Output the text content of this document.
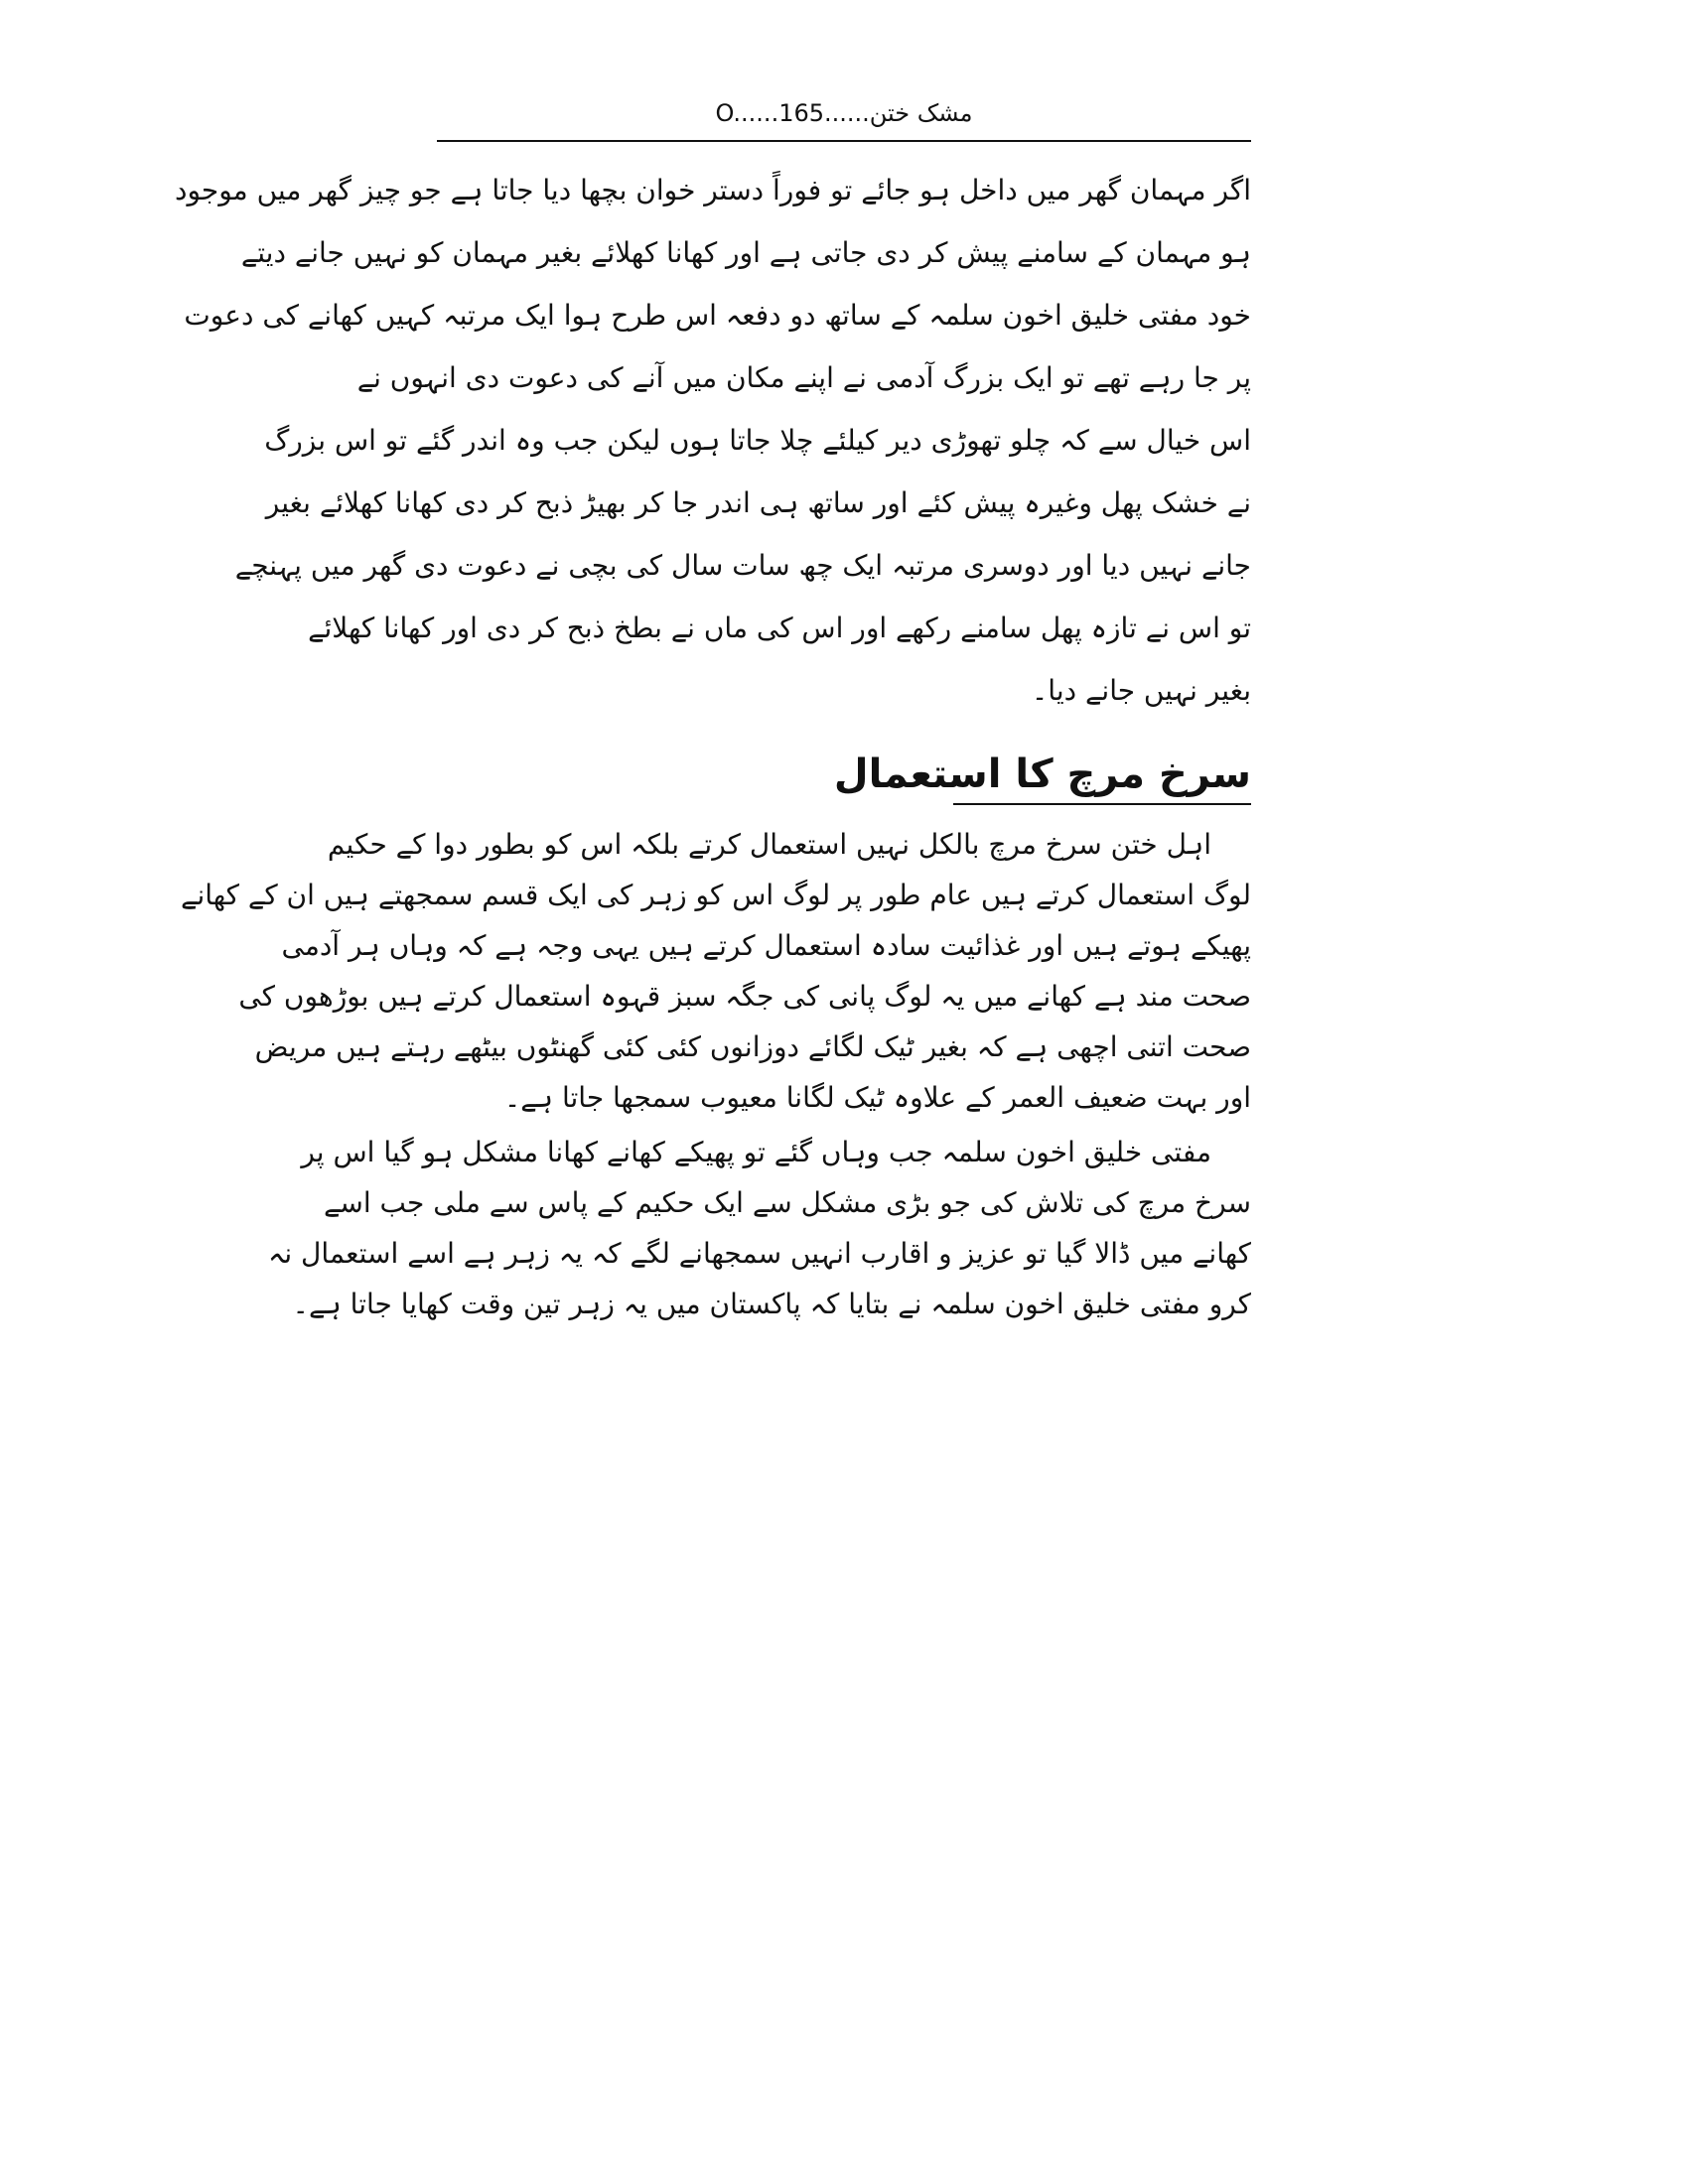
مشک ختن......O......165
اگر مہمان گھر میں داخل ہو جائے تو فوراً دستر خوان بچھا دیا جاتا ہے جو چیز گھر میں موجود
ہو مہمان کے سامنے پیش کر دی جاتی ہے اور کھانا کھلائے بغیر مہمان کو نہیں جانے دیتے
خود مفتی خلیق اخون سلمہ کے ساتھ دو دفعہ اس طرح ہوا ایک مرتبہ کہیں کھانے کی دعوت
پر جا رہے تھے تو ایک بزرگ آدمی نے اپنے مکان میں آنے کی دعوت دی انہوں نے
اس خیال سے کہ چلو تھوڑی دیر کیلئے چلا جاتا ہوں لیکن جب وہ اندر گئے تو اس بزرگ
نے خشک پھل وغیرہ پیش کئے اور ساتھ ہی اندر جا کر بھیڑ ذبح کر دی کھانا کھلائے بغیر
جانے نہیں دیا اور دوسری مرتبہ ایک چھ سات سال کی بچی نے دعوت دی گھر میں پہنچے
تو اس نے تازہ پھل سامنے رکھے اور اس کی ماں نے بطخ ذبح کر دی اور کھانا کھلائے
بغیر نہیں جانے دیا۔
سرخ مرچ کا استعمال
اہل ختن سرخ مرچ بالکل نہیں استعمال کرتے بلکہ اس کو بطور دوا کے حکیم
لوگ استعمال کرتے ہیں عام طور پر لوگ اس کو زہر کی ایک قسم سمجھتے ہیں ان کے کھانے
پھیکے ہوتے ہیں اور غذائیت سادہ استعمال کرتے ہیں یہی وجہ ہے کہ وہاں ہر آدمی
صحت مند ہے کھانے میں یہ لوگ پانی کی جگہ سبز قہوہ استعمال کرتے ہیں بوڑھوں کی
صحت اتنی اچھی ہے کہ بغیر ٹیک لگائے دوزانوں کئی کئی گھنٹوں بیٹھے رہتے ہیں مریض
اور بہت ضعیف العمر کے علاوہ ٹیک لگانا معیوب سمجھا جاتا ہے۔
مفتی خلیق اخون سلمہ جب وہاں گئے تو پھیکے کھانے کھانا مشکل ہو گیا اس پر
سرخ مرچ کی تلاش کی جو بڑی مشکل سے ایک حکیم کے پاس سے ملی جب اسے
کھانے میں ڈالا گیا تو عزیز و اقارب انہیں سمجھانے لگے کہ یہ زہر ہے اسے استعمال نہ
کرو مفتی خلیق اخون سلمہ نے بتایا کہ پاکستان میں یہ زہر تین وقت کھایا جاتا ہے۔
